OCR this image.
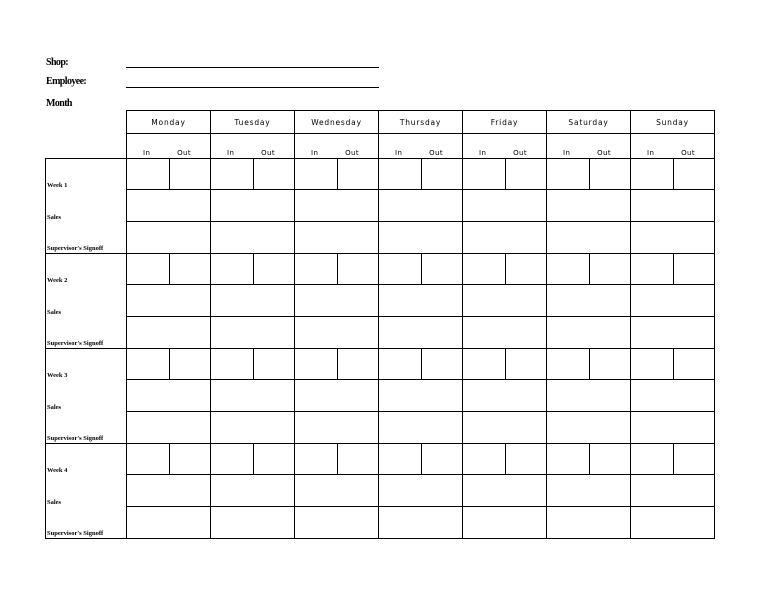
Shop:
Employee:
Month
	Monday		Tuesday		Wednesday		Thursday		Friday		Saturday		Sunday	
	In	Out	In	Out	In	Out	In	Out	In	Out	In	Out	In	Out
Week 1														
Sales														
Supervisor's Signoff														
Week 2														
Sales														
Supervisor's Signoff														
Week 3														
Sales														
Supervisor's Signoff														
Week 4														
Sales														
Supervisor's Signoff														
